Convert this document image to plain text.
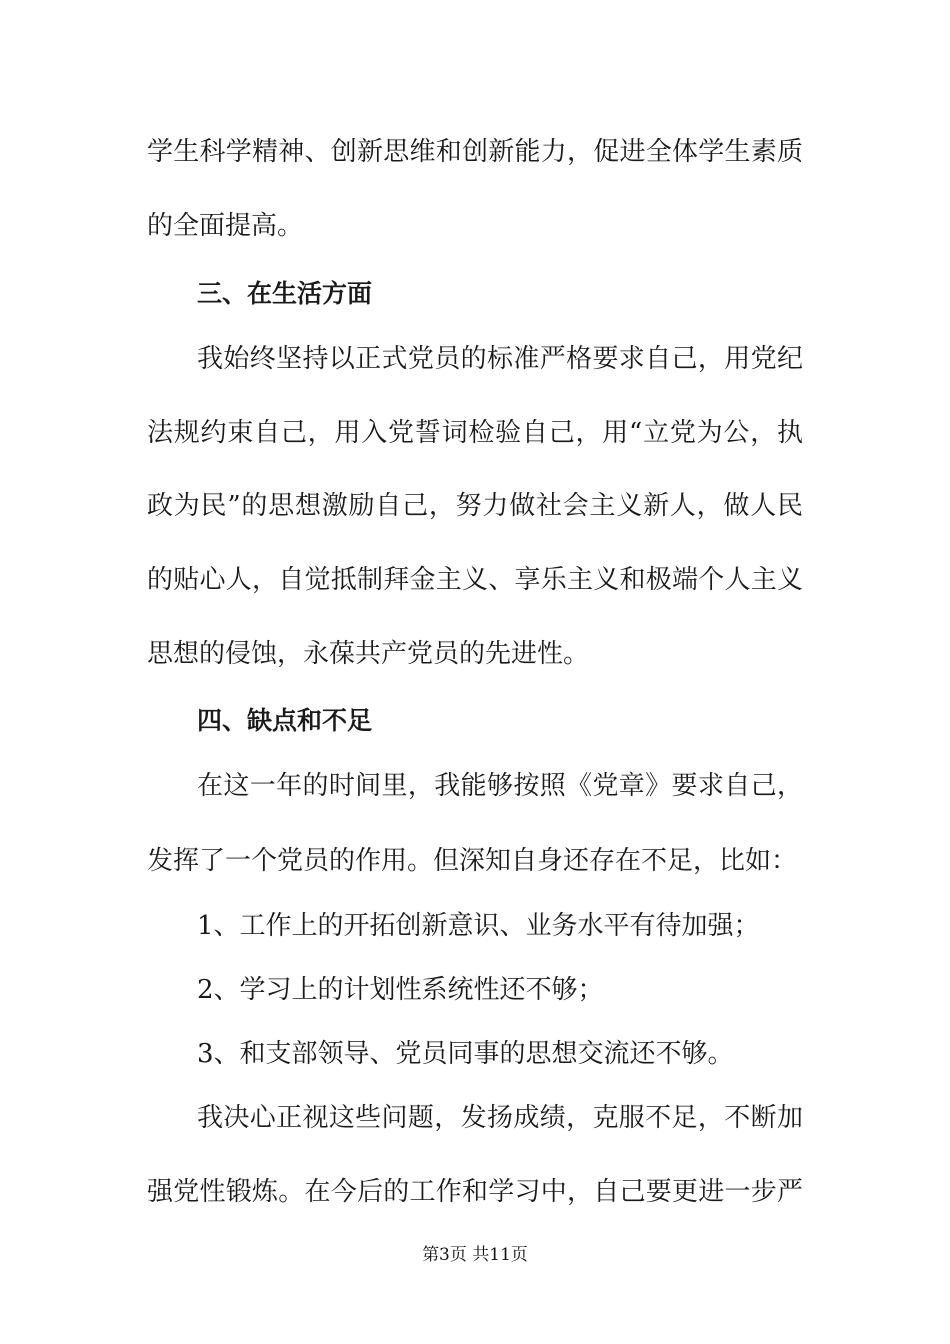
学生科学精神、创新思维和创新能力，促进全体学生素质
的全面提高。
三、在生活方面
我始终坚持以正式党员的标准严格要求自己，用党纪
法规约束自己，用入党誓词检验自己，用“立党为公，执
政为民”的思想激励自己，努力做社会主义新人，做人民
的贴心人，自觉抵制拜金主义、享乐主义和极端个人主义
思想的侵蚀，永葆共产党员的先进性。
四、缺点和不足
在这一年的时间里，我能够按照《党章》要求自己，
发挥了一个党员的作用。但深知自身还存在不足，比如：
1、工作上的开拓创新意识、业务水平有待加强；
2、学习上的计划性系统性还不够；
3、和支部领导、党员同事的思想交流还不够。
我决心正视这些问题，发扬成绩，克服不足，不断加
强党性锻炼。在今后的工作和学习中，自己要更进一步严
第3页 共11页
